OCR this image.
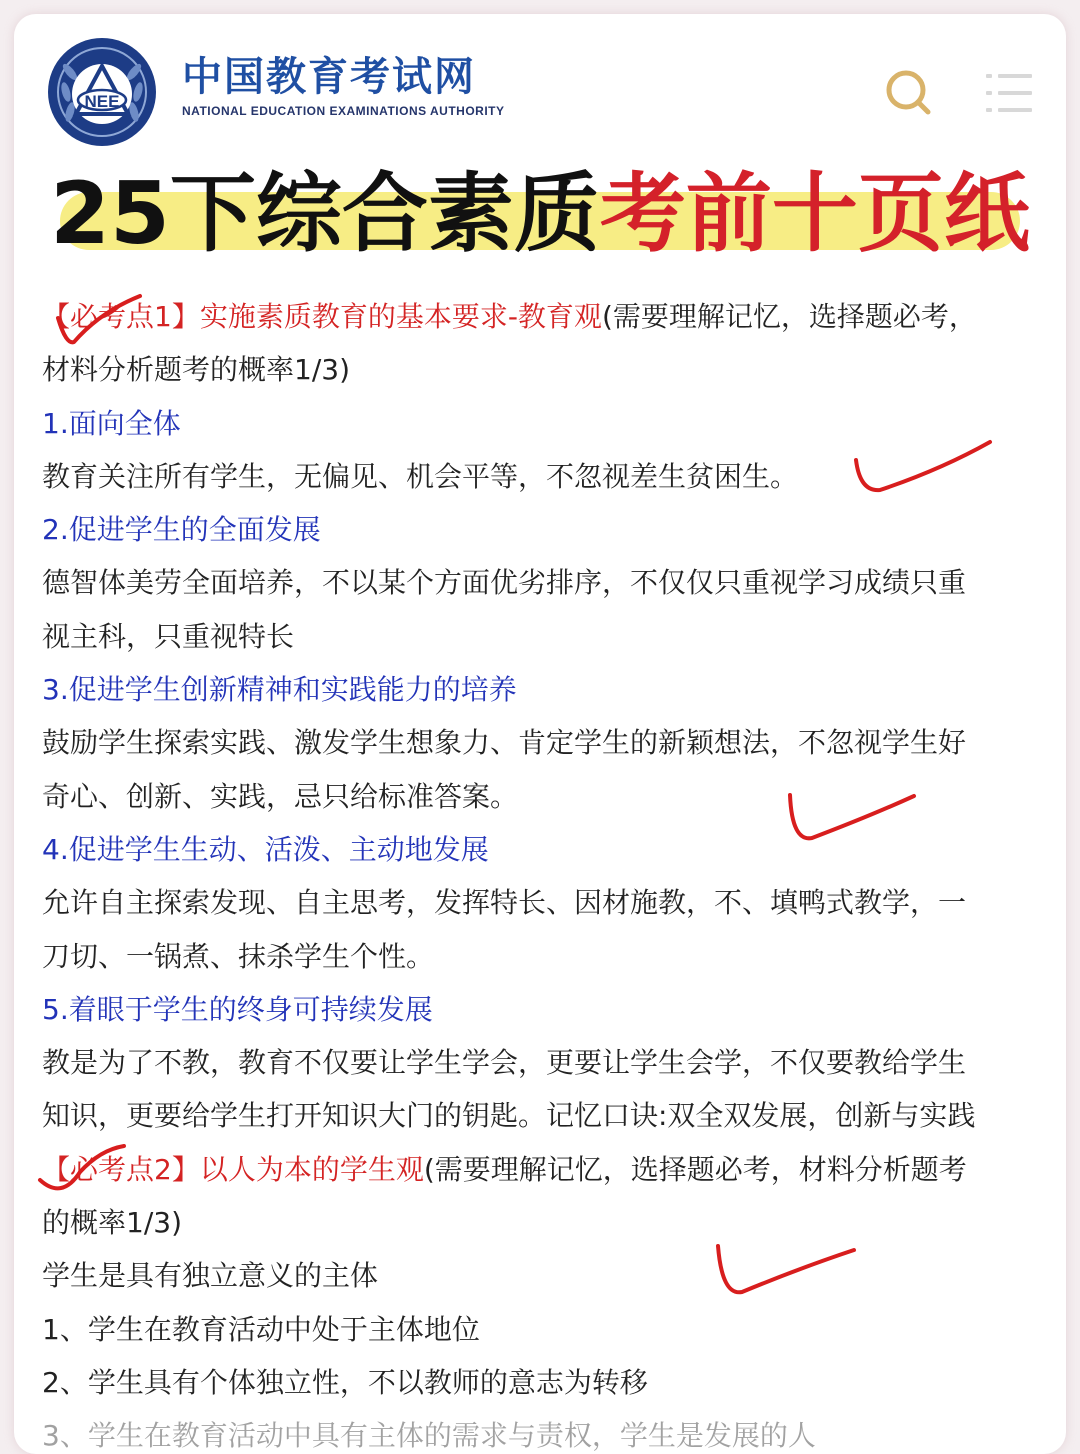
NEE
中国教育考试网
NATIONAL EDUCATION EXAMINATIONS AUTHORITY
25下综合素质考前十页纸
【必考点1】实施素质教育的基本要求-教育观(需要理解记忆，选择题必考，
材料分析题考的概率1/3)
1.面向全体
教育关注所有学生，无偏见、机会平等，不忽视差生贫困生。
2.促进学生的全面发展
德智体美劳全面培养，不以某个方面优劣排序，不仅仅只重视学习成绩只重
视主科，只重视特长
3.促进学生创新精神和实践能力的培养
鼓励学生探索实践、激发学生想象力、肯定学生的新颖想法，不忽视学生好
奇心、创新、实践，忌只给标准答案。
4.促进学生生动、活泼、主动地发展
允许自主探索发现、自主思考，发挥特长、因材施教，不、填鸭式教学，一
刀切、一锅煮、抹杀学生个性。
5.着眼于学生的终身可持续发展
教是为了不教，教育不仅要让学生学会，更要让学生会学，不仅要教给学生
知识，更要给学生打开知识大门的钥匙。记忆口诀:双全双发展，创新与实践
【必考点2】以人为本的学生观(需要理解记忆，选择题必考，材料分析题考
的概率1/3)
学生是具有独立意义的主体
1、学生在教育活动中处于主体地位
2、学生具有个体独立性，不以教师的意志为转移
3、学生在教育活动中具有主体的需求与责权，学生是发展的人
